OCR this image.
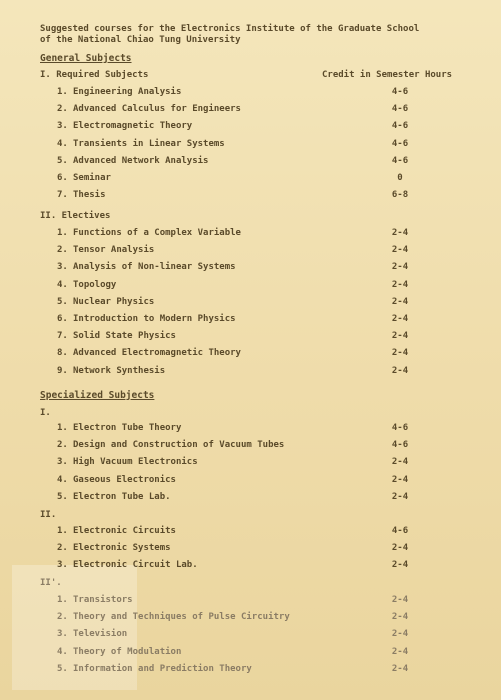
Suggested courses for the Electronics Institute of the Graduate School
of the National Chiao Tung University
General Subjects
I. Required Subjects	Credit in Semester Hours
1. Engineering Analysis	4-6
2. Advanced Calculus for Engineers	4-6
3. Electromagnetic Theory	4-6
4. Transients in Linear Systems	4-6
5. Advanced Network Analysis	4-6
6. Seminar	0
7. Thesis	6-8
II. Electives
1. Functions of a Complex Variable	2-4
2. Tensor Analysis	2-4
3. Analysis of Non-linear Systems	2-4
4. Topology	2-4
5. Nuclear Physics	2-4
6. Introduction to Modern Physics	2-4
7. Solid State Physics	2-4
8. Advanced Electromagnetic Theory	2-4
9. Network Synthesis	2-4
Specialized Subjects
I.
1. Electron Tube Theory	4-6
2. Design and Construction of Vacuum Tubes	4-6
3. High Vacuum Electronics	2-4
4. Gaseous Electronics	2-4
5. Electron Tube Lab.	2-4
II.
1. Electronic Circuits	4-6
2. Electronic Systems	2-4
3. Electronic Circuit Lab.	2-4
II'.
1. Transistors	2-4
2. Theory and Techniques of Pulse Circuitry	2-4
3. Television	2-4
4. Theory of Modulation	2-4
5. Information and Prediction Theory	2-4
